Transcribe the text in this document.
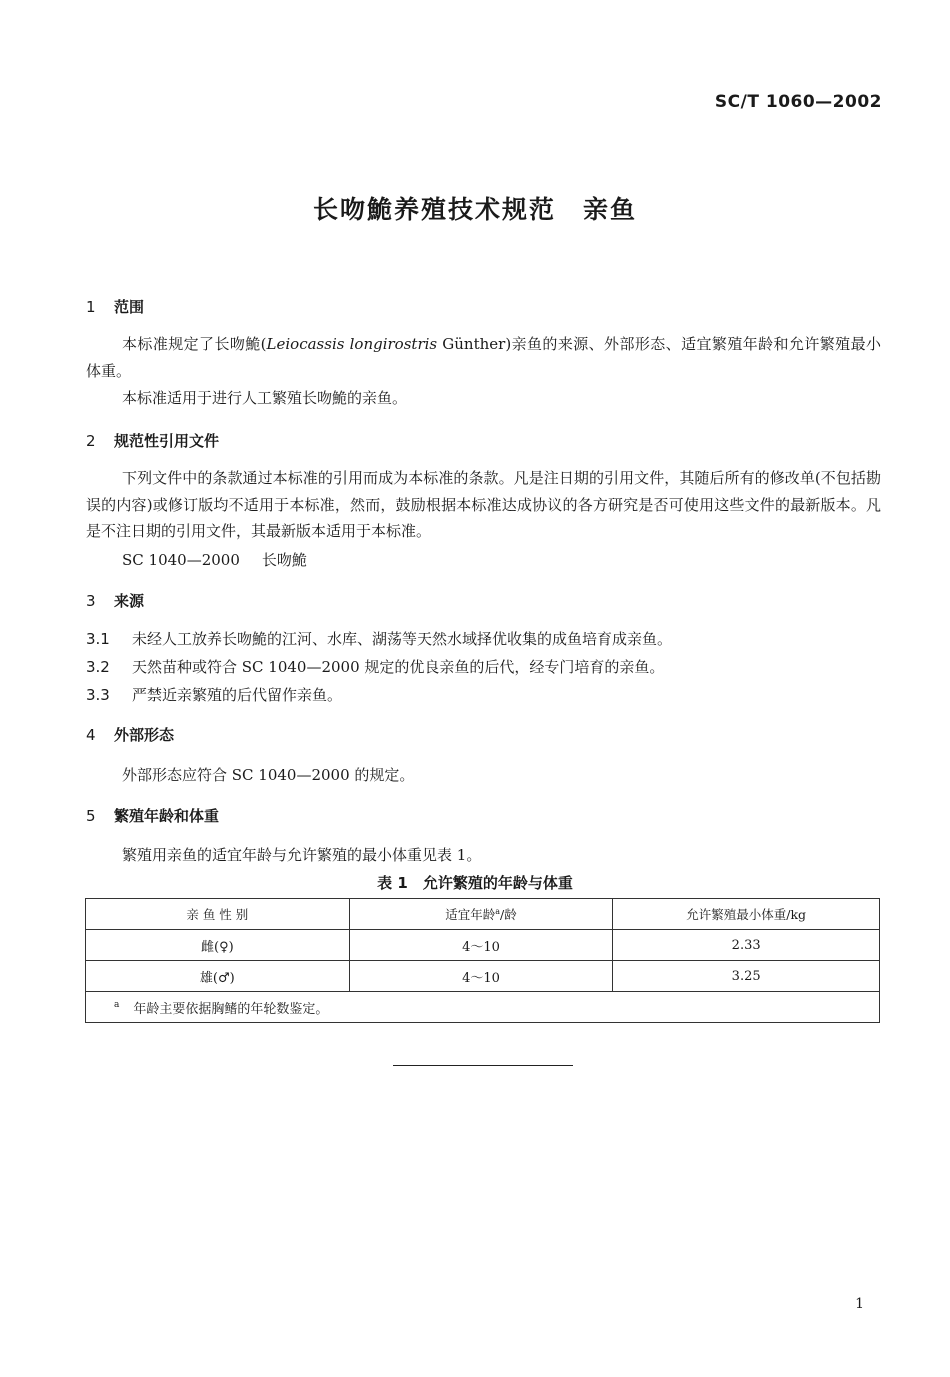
SC/T 1060—2002
长吻鮠养殖技术规范　亲鱼
1 范围
本标准规定了长吻鮠(Leiocassis longirostris Günther)亲鱼的来源、外部形态、适宜繁殖年龄和允许繁殖最小体重。
本标准适用于进行人工繁殖长吻鮠的亲鱼。
2 规范性引用文件
下列文件中的条款通过本标准的引用而成为本标准的条款。凡是注日期的引用文件，其随后所有的修改单(不包括勘误的内容)或修订版均不适用于本标准，然而，鼓励根据本标准达成协议的各方研究是否可使用这些文件的最新版本。凡是不注日期的引用文件，其最新版本适用于本标准。
SC 1040—2000 长吻鮠
3 来源
3.1 未经人工放养长吻鮠的江河、水库、湖荡等天然水域择优收集的成鱼培育成亲鱼。
3.2 天然苗种或符合 SC 1040—2000 规定的优良亲鱼的后代，经专门培育的亲鱼。
3.3 严禁近亲繁殖的后代留作亲鱼。
4 外部形态
外部形态应符合 SC 1040—2000 的规定。
5 繁殖年龄和体重
繁殖用亲鱼的适宜年龄与允许繁殖的最小体重见表 1。
表 1　允许繁殖的年龄与体重
亲 鱼 性 别	适宜年龄$^a$/龄	允许繁殖最小体重/kg
雌(♀)	4～10	2.33
雄(♂)	4～10	3.25
$^a$ 年龄主要依据胸鳍的年轮数鉴定。		
1
